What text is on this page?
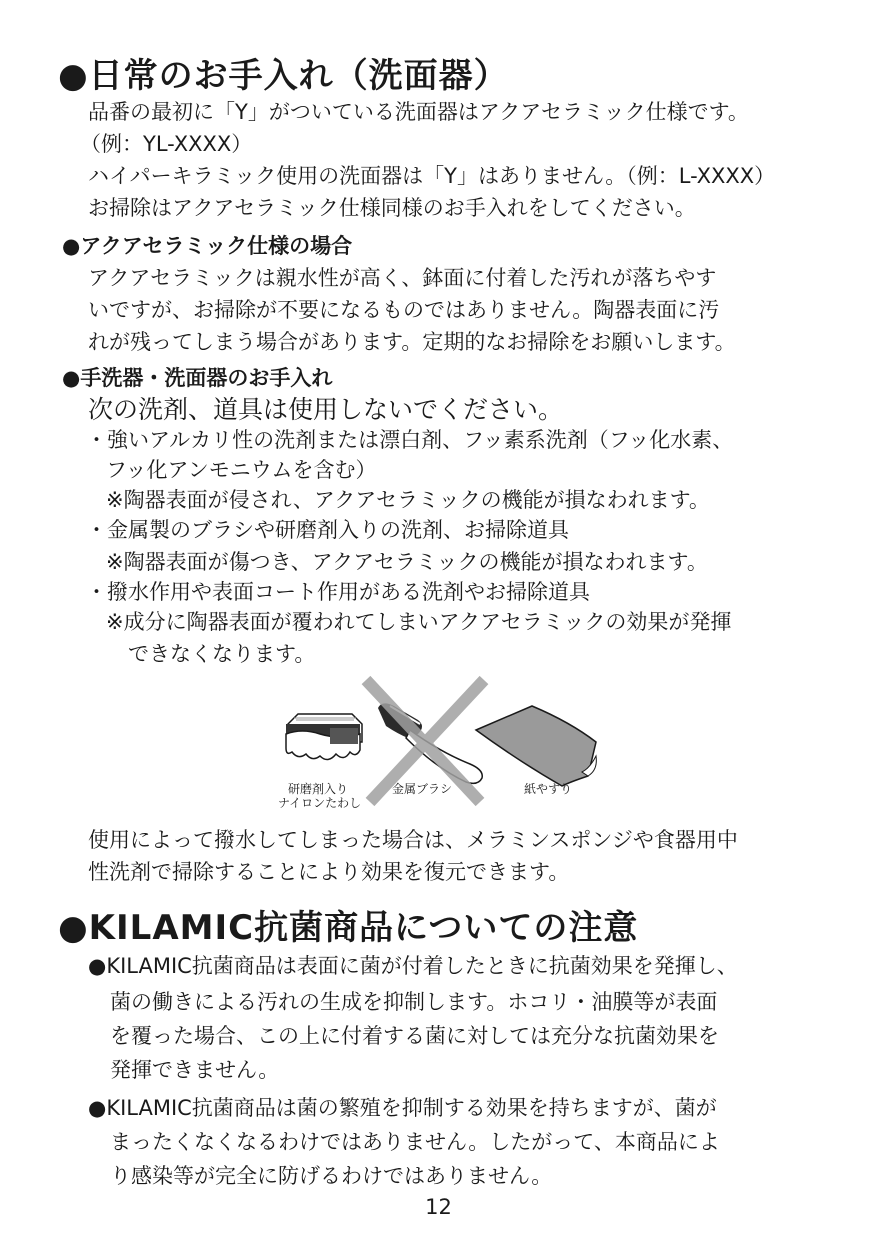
●日常のお手入れ（洗面器）
品番の最初に「Y」がついている洗面器はアクアセラミック仕様です。
（例：YL-XXXX）
ハイパーキラミック使用の洗面器は「Y」はありません。（例：L-XXXX）
お掃除はアクアセラミック仕様同様のお手入れをしてください。
●アクアセラミック仕様の場合
アクアセラミックは親水性が高く、鉢面に付着した汚れが落ちやす
いですが、お掃除が不要になるものではありません。陶器表面に汚
れが残ってしまう場合があります。定期的なお掃除をお願いします。
●手洗器・洗面器のお手入れ
次の洗剤、道具は使用しないでください。
・強いアルカリ性の洗剤または漂白剤、フッ素系洗剤（フッ化水素、
フッ化アンモニウムを含む）
※陶器表面が侵され、アクアセラミックの機能が損なわれます。
・金属製のブラシや研磨剤入りの洗剤、お掃除道具
※陶器表面が傷つき、アクアセラミックの機能が損なわれます。
・撥水作用や表面コート作用がある洗剤やお掃除道具
※成分に陶器表面が覆われてしまいアクアセラミックの効果が発揮
できなくなります。
研磨剤入り
ナイロンたわし
金属ブラシ	紙やすり
使用によって撥水してしまった場合は、メラミンスポンジや食器用中
性洗剤で掃除することにより効果を復元できます。
●KILAMIC抗菌商品についての注意
●KILAMIC抗菌商品は表面に菌が付着したときに抗菌効果を発揮し、
菌の働きによる汚れの生成を抑制します。ホコリ・油膜等が表面
を覆った場合、この上に付着する菌に対しては充分な抗菌効果を
発揮できません。
●KILAMIC抗菌商品は菌の繁殖を抑制する効果を持ちますが、菌が
まったくなくなるわけではありません。したがって、本商品によ
り感染等が完全に防げるわけではありません。
12
